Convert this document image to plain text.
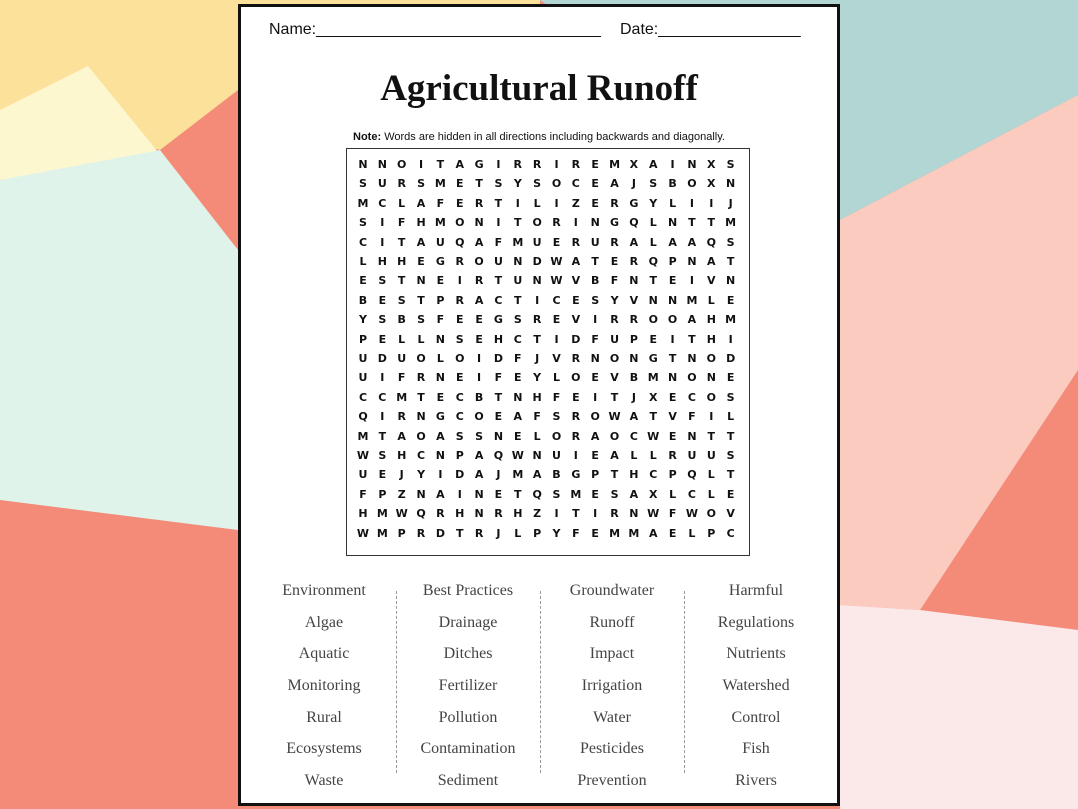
Name:________________________________ Date:________________
Agricultural Runoff
Note: Words are hidden in all directions including backwards and diagonally.
N N O	I	T	A G	I	R R	I	R	E M X A	I	N X	S
S U R	S M E	T	S	Y	S O C	E	A	J	S	B O X N
M C	L	A	F	E	R	T	I	L	I	Z	E	R G Y	L	I	I	J
S	I	F	H M O N	I	T O R	I	N G Q	L	N T	T M
C	I	T	A U Q A	F M U	E	R U R A	L	A A Q S
L	H H E	G R O U N D W A	T	E	R Q P N A	T
E	S	T	N E	I	R	T	U N W V B	F N T	E	I	V N
B	E	S	T	P	R A	C	T	I	C	E	S	Y	V N N M L	E
Y	S	B	S	F	E	E	G S	R	E	V	I	R R O O A H M
P	E	L	L	N S	E H C	T	I	D	F	U P	E	I	T	H	I
U D U O	L	O	I	D	F	J	V R N O N G	T N O D
U	I	F	R N E	I	F	E	Y	L	O E	V B M N O N E
C	C M T	E	C	B	T	N H F	E	I	T	J	X	E	C O S
Q	I	R N G C O E	A	F	S	R O W A	T	V	F	I	L
M T	A O A	S	S N E	L	O R A O C W E N T	T
W S H C N P	A Q W N U	I	E	A	L	L	R U U S
U	E	J	Y	I	D A	J	M A B G P	T H C	P Q	L	T
F	P	Z N A	I	N E	T Q S M E	S	A X	L	C	L	E
H M W Q R H N R H Z	I	T	I	R N W F W O V
W M P	R D	T	R	J	L	P	Y	F	E M M A	E	L	P	C
Environment
Algae
Aquatic
Monitoring
Rural
Ecosystems
Waste
Best Practices
Drainage
Ditches
Fertilizer
Pollution
Contamination
Sediment
Groundwater
Runoff
Impact
Irrigation
Water
Pesticides
Prevention
Harmful
Regulations
Nutrients
Watershed
Control
Fish
Rivers
